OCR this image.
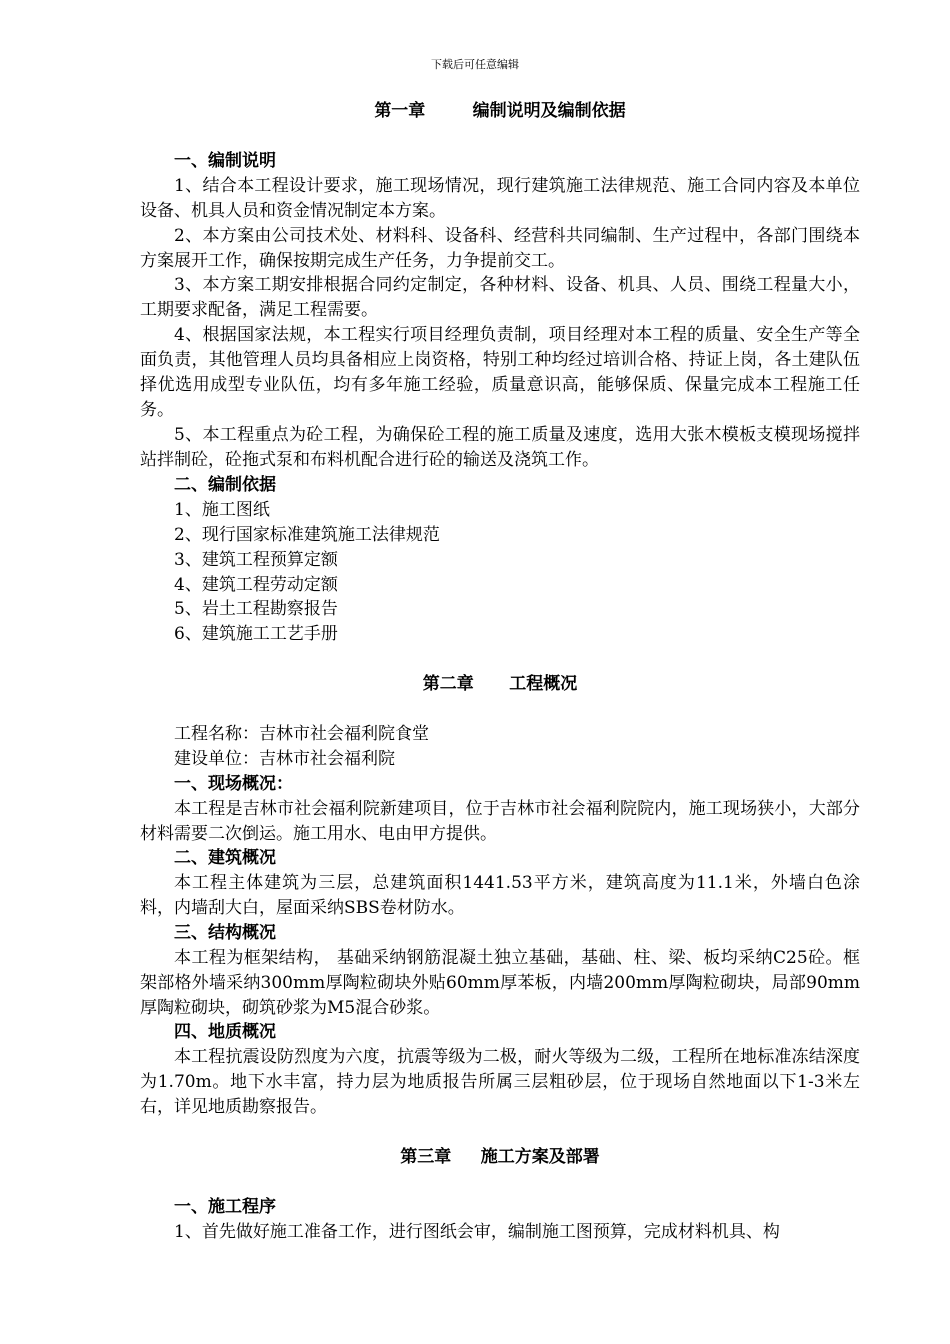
下载后可任意编辑
第一章        编制说明及编制依据
一、编制说明
1、结合本工程设计要求，施工现场情况，现行建筑施工法律规范、施工合同内容及本单位设备、机具人员和资金情况制定本方案。
2、本方案由公司技术处、材料科、设备科、经营科共同编制、生产过程中，各部门围绕本方案展开工作，确保按期完成生产任务，力争提前交工。
3、本方案工期安排根据合同约定制定，各种材料、设备、机具、人员、围绕工程量大小，工期要求配备，满足工程需要。
4、根据国家法规，本工程实行项目经理负责制，项目经理对本工程的质量、安全生产等全面负责，其他管理人员均具备相应上岗资格，特别工种均经过培训合格、持证上岗，各土建队伍择优选用成型专业队伍，均有多年施工经验，质量意识高，能够保质、保量完成本工程施工任务。
5、本工程重点为砼工程，为确保砼工程的施工质量及速度，选用大张木模板支模现场搅拌站拌制砼，砼拖式泵和布料机配合进行砼的输送及浇筑工作。
二、编制依据
1、施工图纸
2、现行国家标准建筑施工法律规范
3、建筑工程预算定额
4、建筑工程劳动定额
5、岩土工程勘察报告
6、建筑施工工艺手册
第二章      工程概况
工程名称：吉林市社会福利院食堂
建设单位：吉林市社会福利院
一、现场概况：
本工程是吉林市社会福利院新建项目，位于吉林市社会福利院院内，施工现场狭小，大部分材料需要二次倒运。施工用水、电由甲方提供。
二、建筑概况
本工程主体建筑为三层，总建筑面积1441.53平方米，建筑高度为11.1米，外墙白色涂料，内墙刮大白，屋面采纳SBS卷材防水。
三、结构概况
本工程为框架结构， 基础采纳钢筋混凝土独立基础，基础、柱、梁、板均采纳C25砼。框架部格外墙采纳300mm厚陶粒砌块外贴60mm厚苯板，内墙200mm厚陶粒砌块，局部90mm厚陶粒砌块，砌筑砂浆为M5混合砂浆。
四、地质概况
本工程抗震设防烈度为六度，抗震等级为二极，耐火等级为二级，工程所在地标准冻结深度为1.70m。地下水丰富，持力层为地质报告所属三层粗砂层，位于现场自然地面以下1-3米左右，详见地质勘察报告。
第三章     施工方案及部署
一、施工程序
1、首先做好施工准备工作，进行图纸会审，编制施工图预算，完成材料机具、构
